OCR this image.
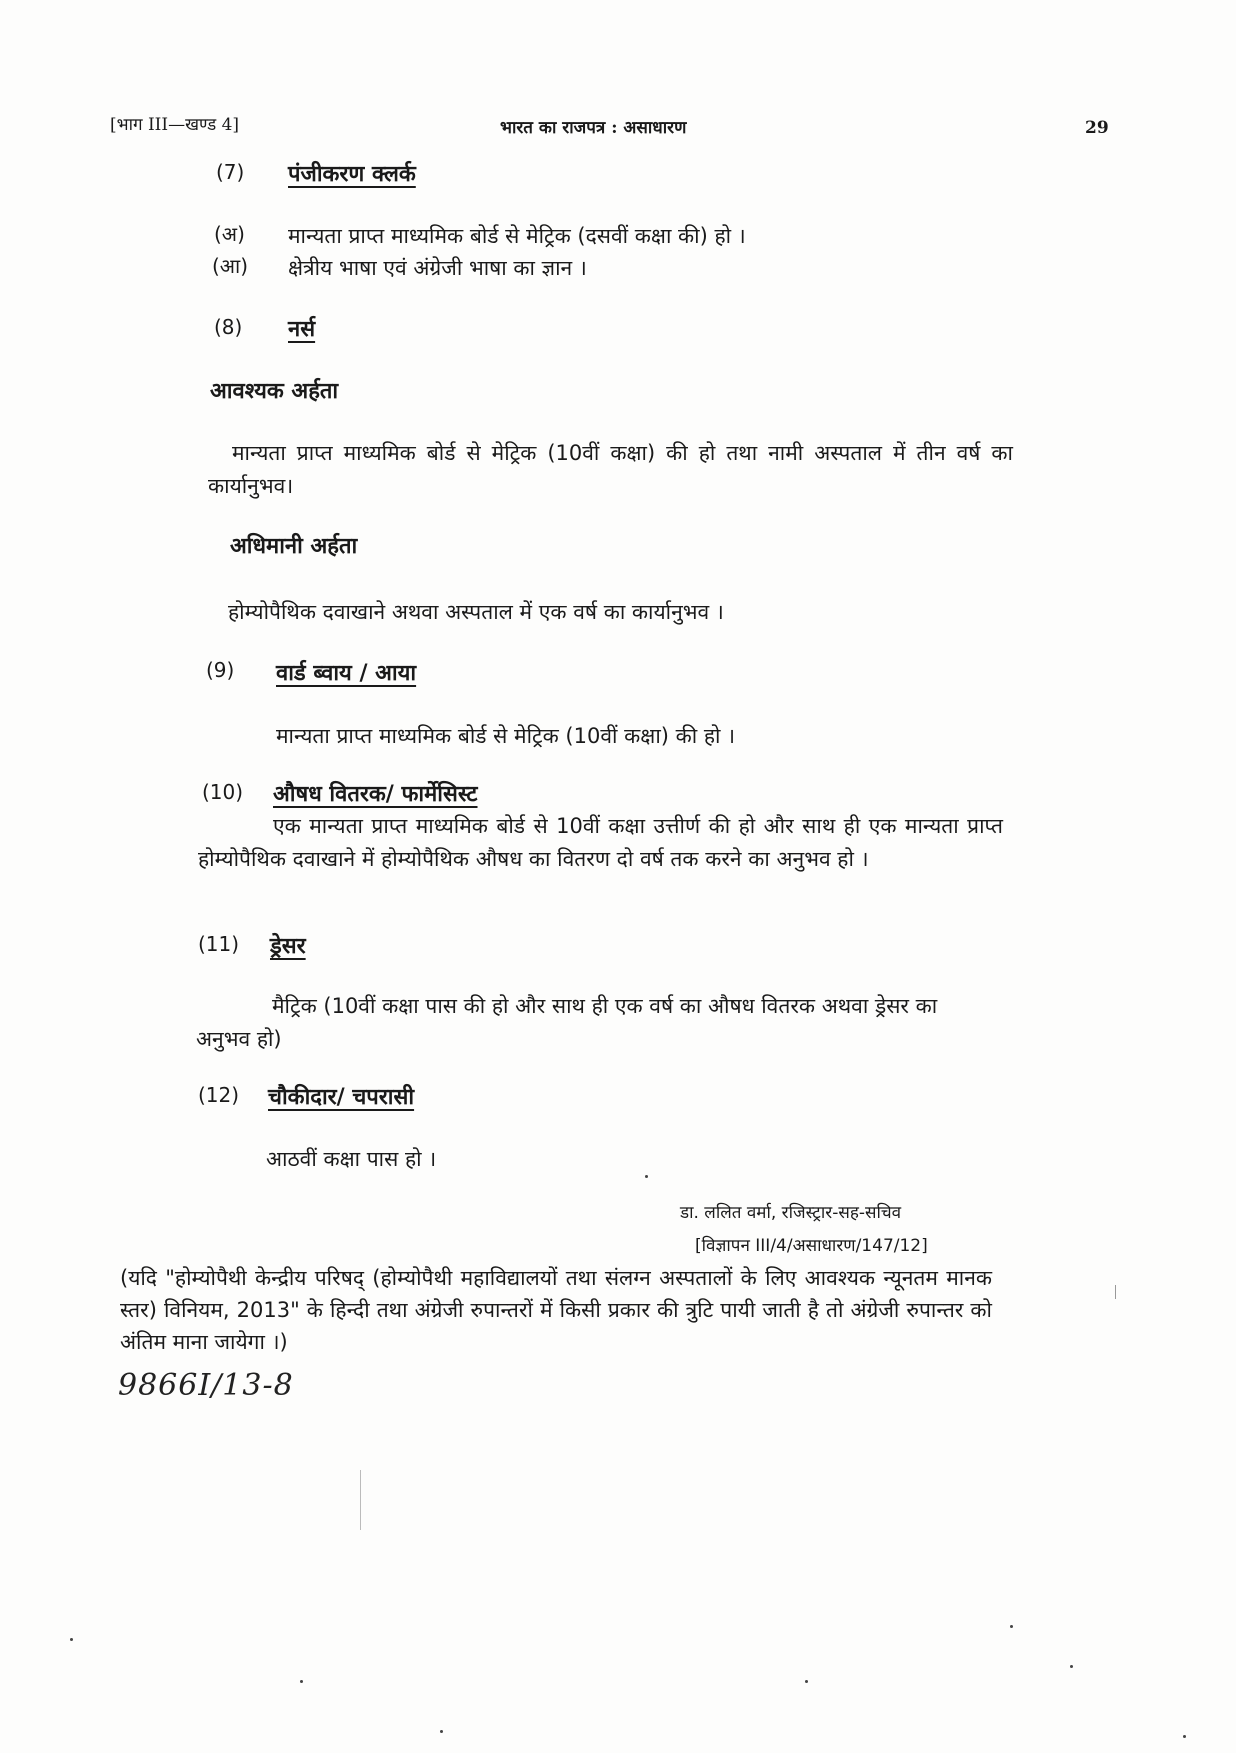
[भाग III—खण्ड 4]	भारत का राजपत्र : असाधारण	29
(7) पंजीकरण क्लर्क
(अ) मान्यता प्राप्त माध्यमिक बोर्ड से मेट्रिक (दसवीं कक्षा की) हो ।
(आ) क्षेत्रीय भाषा एवं अंग्रेजी भाषा का ज्ञान ।
(8) नर्स
आवश्यक अर्हता
मान्यता प्राप्त माध्यमिक बोर्ड से मेट्रिक (10वीं कक्षा) की हो तथा नामी अस्पताल में तीन वर्ष का कार्यानुभव।
अधिमानी अर्हता
होम्योपैथिक दवाखाने अथवा अस्पताल में एक वर्ष का कार्यानुभव ।
(9) वार्ड ब्वाय / आया
मान्यता प्राप्त माध्यमिक बोर्ड से मेट्रिक (10वीं कक्षा) की हो ।
(10) औषध वितरक/ फार्मेसिस्ट
एक मान्यता प्राप्त माध्यमिक बोर्ड से 10वीं कक्षा उत्तीर्ण की हो और साथ ही एक मान्यता प्राप्त होम्योपैथिक दवाखाने में होम्योपैथिक औषध का वितरण दो वर्ष तक करने का अनुभव हो ।
(11) ड्रेसर
मैट्रिक (10वीं कक्षा पास की हो और साथ ही एक वर्ष का औषध वितरक अथवा ड्रेसर का अनुभव हो)
(12) चौकीदार/ चपरासी
आठवीं कक्षा पास हो ।
डा. ललित वर्मा, रजिस्ट्रार-सह-सचिव
[विज्ञापन III/4/असाधारण/147/12]
(यदि "होम्योपैथी केन्द्रीय परिषद् (होम्योपैथी महाविद्यालयों तथा संलग्न अस्पतालों के लिए आवश्यक न्यूनतम मानक स्तर) विनियम, 2013" के हिन्दी तथा अंग्रेजी रुपान्तरों में किसी प्रकार की त्रुटि पायी जाती है तो अंग्रेजी रुपान्तर को अंतिम माना जायेगा ।)
9866I/13-8
